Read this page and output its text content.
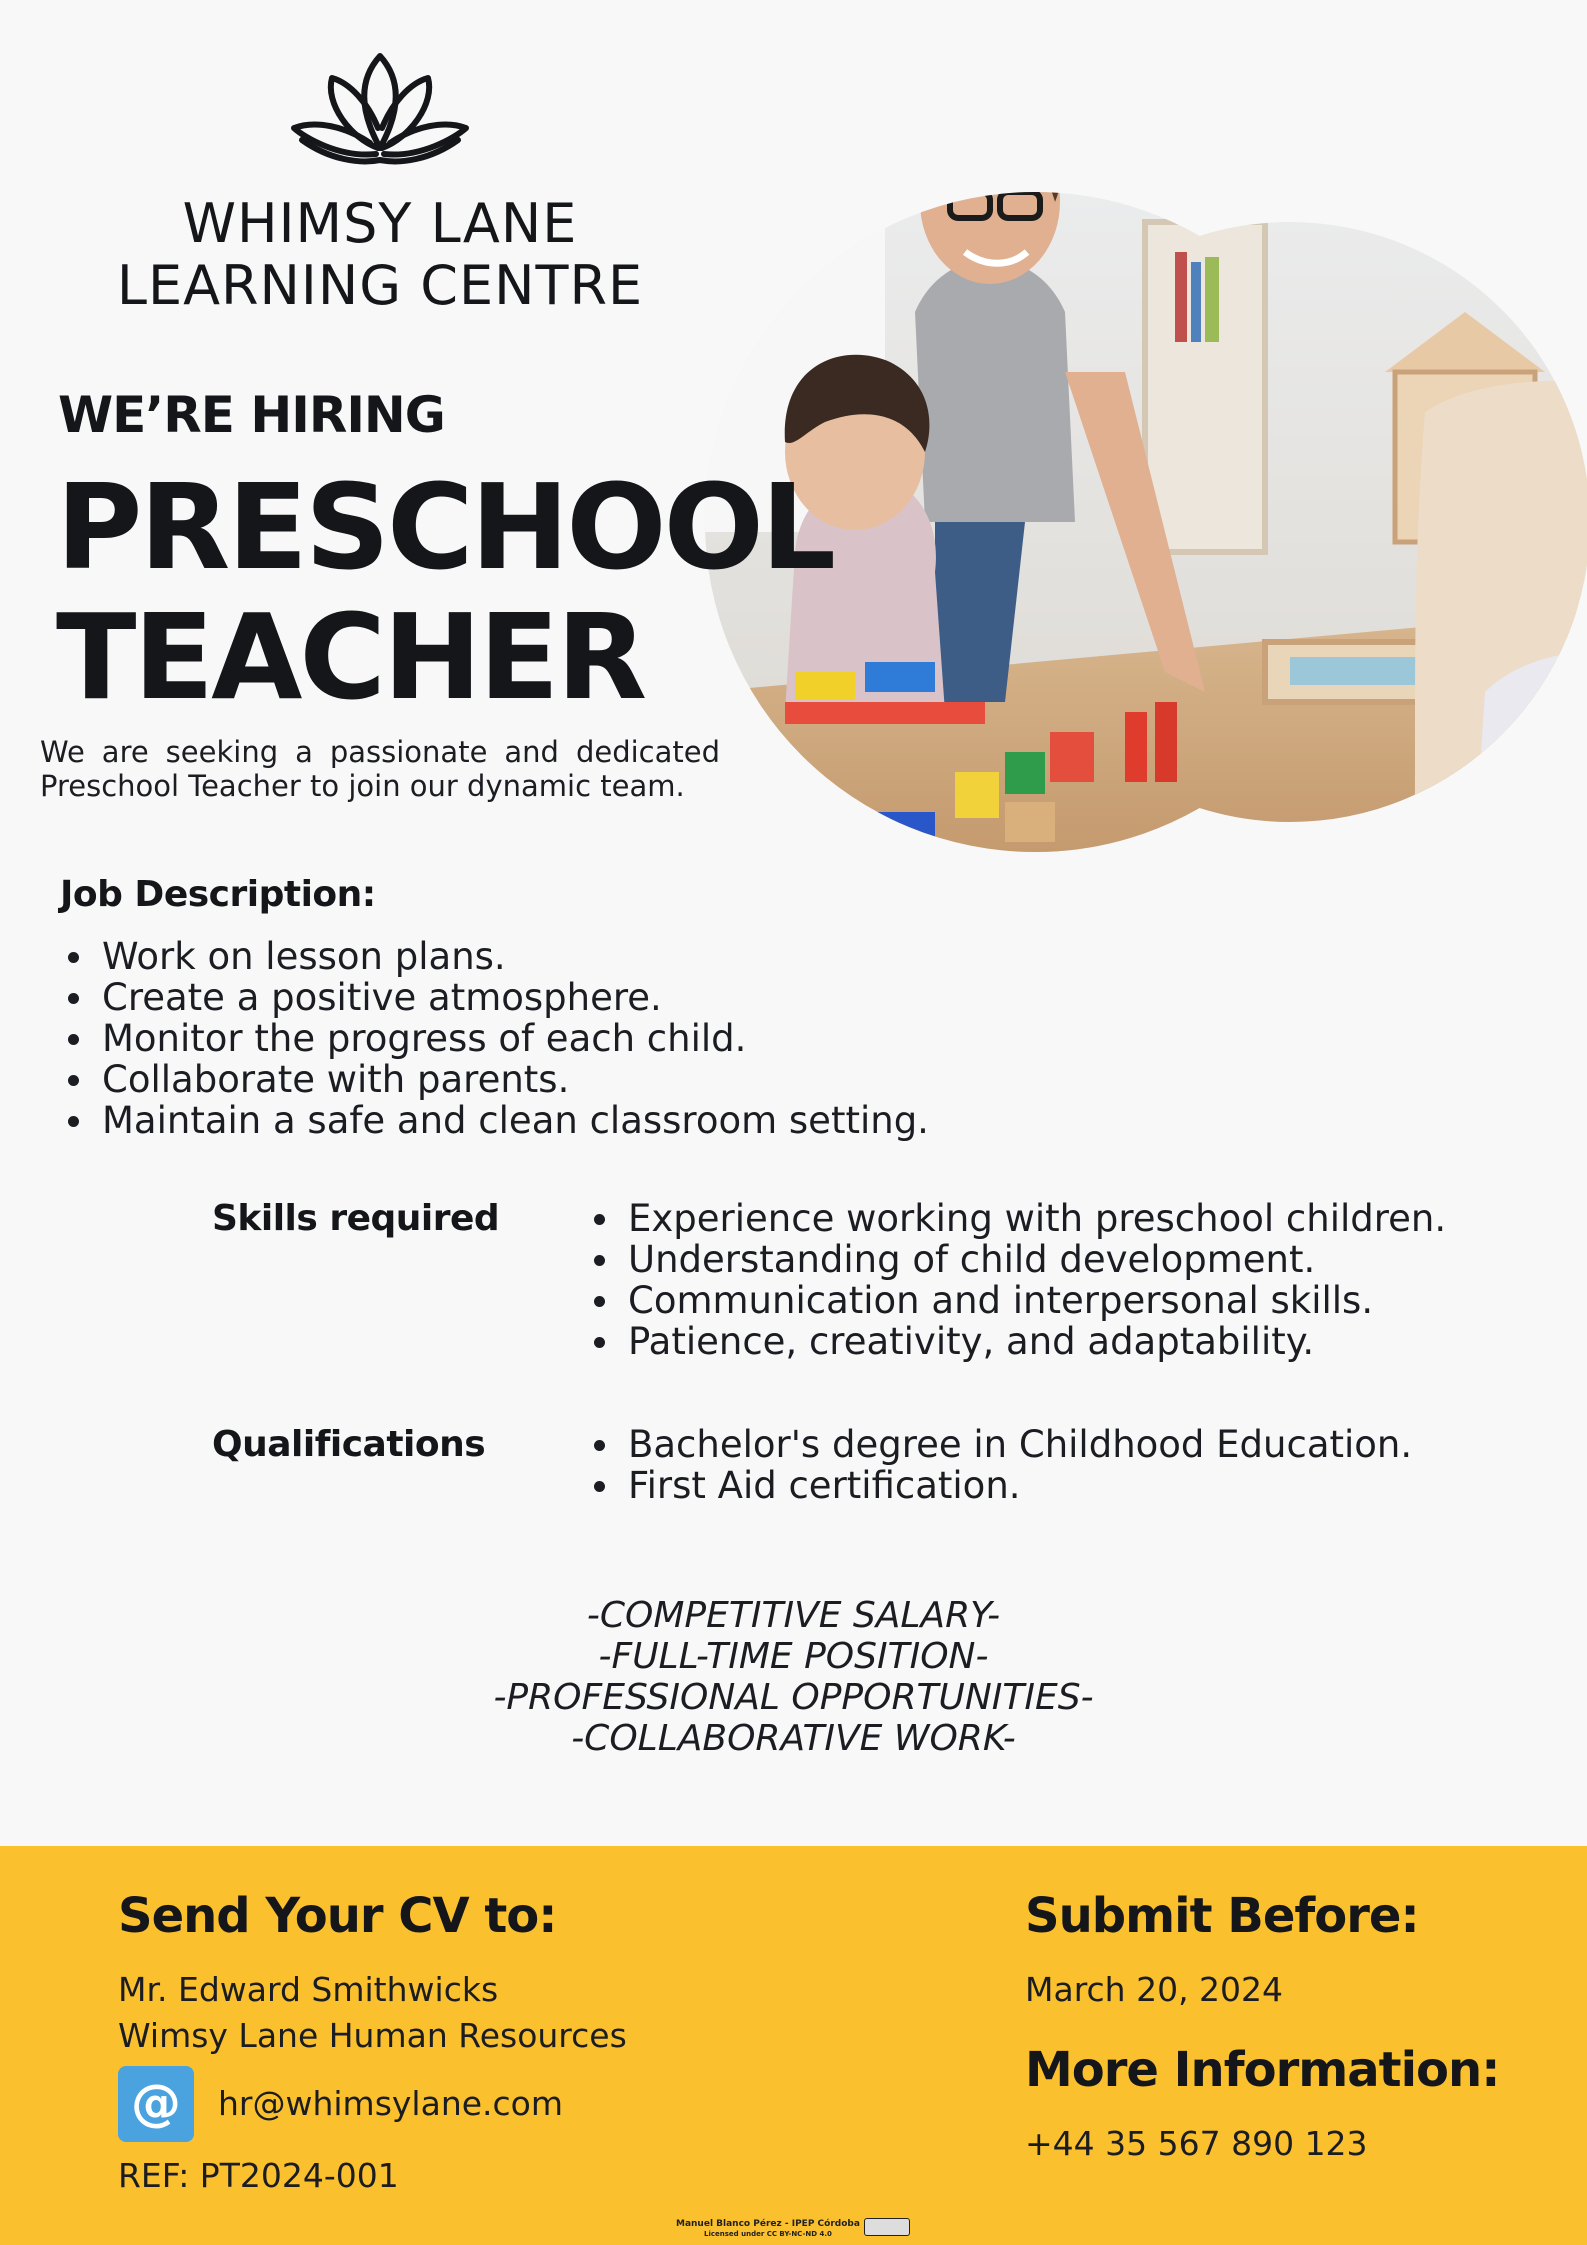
WHIMSY LANE
LEARNING CENTRE
WE’RE HIRING
PRESCHOOL
TEACHER
We are seeking a passionate and dedicated Preschool Teacher to join our dynamic team.
Job Description:
Work on lesson plans.
Create a positive atmosphere.
Monitor the progress of each child.
Collaborate with parents.
Maintain a safe and clean classroom setting.
Skills required	Experience working with preschool children.
Understanding of child development.
Communication and interpersonal skills.
Patience, creativity, and adaptability.
Qualifications	Bachelor's degree in Childhood Education.
First Aid certification.
-COMPETITIVE SALARY-
-FULL-TIME POSITION-
-PROFESSIONAL OPPORTUNITIES-
-COLLABORATIVE WORK-
Send Your CV to:
Mr. Edward Smithwicks
Wimsy Lane Human Resources
@	hr@whimsylane.com
REF: PT2024-001
Submit Before:
March 20, 2024
More Information:
+44 35 567 890 123
Manuel Blanco Pérez - IPEP Córdoba
Licensed under CC BY-NC-ND 4.0
